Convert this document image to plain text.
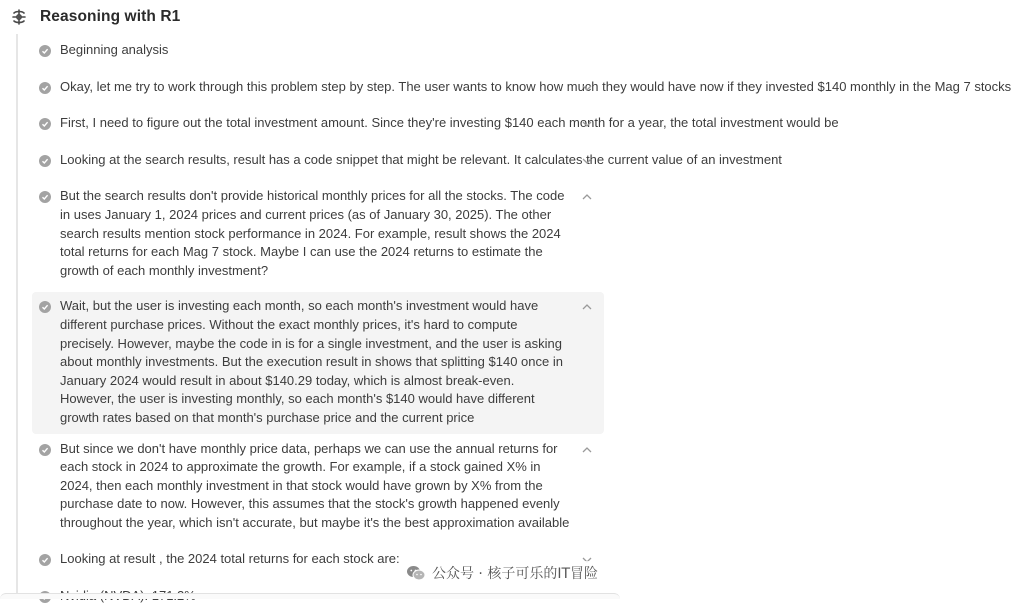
Reasoning with R1
Beginning analysis
Okay, let me try to work through this problem step by step. The user wants to know how much they would have now if they invested $140 monthly in the Mag 7 stocks
First, I need to figure out the total investment amount. Since they're investing $140 each month for a year, the total investment would be
Looking at the search results, result has a code snippet that might be relevant. It calculates the current value of an investment
But the search results don't provide historical monthly prices for all the stocks. The code in uses January 1, 2024 prices and current prices (as of January 30, 2025). The other search results mention stock performance in 2024. For example, result shows the 2024 total returns for each Mag 7 stock. Maybe I can use the 2024 returns to estimate the growth of each monthly investment?
Wait, but the user is investing each month, so each month's investment would have different purchase prices. Without the exact monthly prices, it's hard to compute precisely. However, maybe the code in is for a single investment, and the user is asking about monthly investments. But the execution result in shows that splitting $140 once in January 2024 would result in about $140.29 today, which is almost break-even. However, the user is investing monthly, so each month's $140 would have different growth rates based on that month's purchase price and the current price
But since we don't have monthly price data, perhaps we can use the annual returns for each stock in 2024 to approximate the growth. For example, if a stock gained X% in 2024, then each monthly investment in that stock would have grown by X% from the purchase date to now. However, this assumes that the stock's growth happened evenly throughout the year, which isn't accurate, but maybe it's the best approximation available
Looking at result , the 2024 total returns for each stock are:
公众号 · 核子可乐的IT冒险
